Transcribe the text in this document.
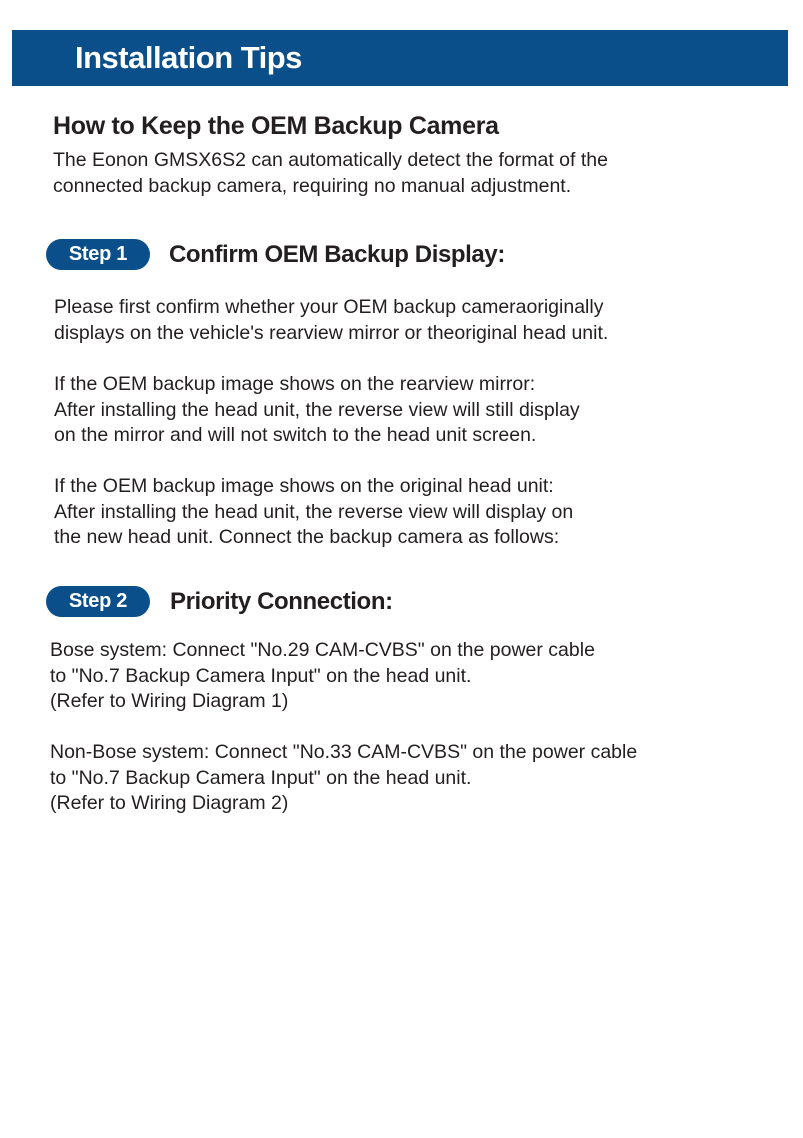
Installation Tips
How to Keep the OEM Backup Camera

The Eonon GMSX6S2 can automatically detect the format of the
connected backup camera, requiring no manual adjustment.

Step 1	Confirm OEM Backup Display:

Please first confirm whether your OEM backup cameraoriginally
displays on the vehicle's rearview mirror or theoriginal head unit.

If the OEM backup image shows on the rearview mirror:
After installing the head unit, the reverse view will still display
on the mirror and will not switch to the head unit screen.

If the OEM backup image shows on the original head unit:
After installing the head unit, the reverse view will display on
the new head unit. Connect the backup camera as follows:

Step 2	Priority Connection:

Bose system: Connect "No.29 CAM-CVBS" on the power cable
to "No.7 Backup Camera Input" on the head unit.
(Refer to Wiring Diagram 1)

Non-Bose system: Connect "No.33 CAM-CVBS" on the power cable
to "No.7 Backup Camera Input" on the head unit.
(Refer to Wiring Diagram 2)
